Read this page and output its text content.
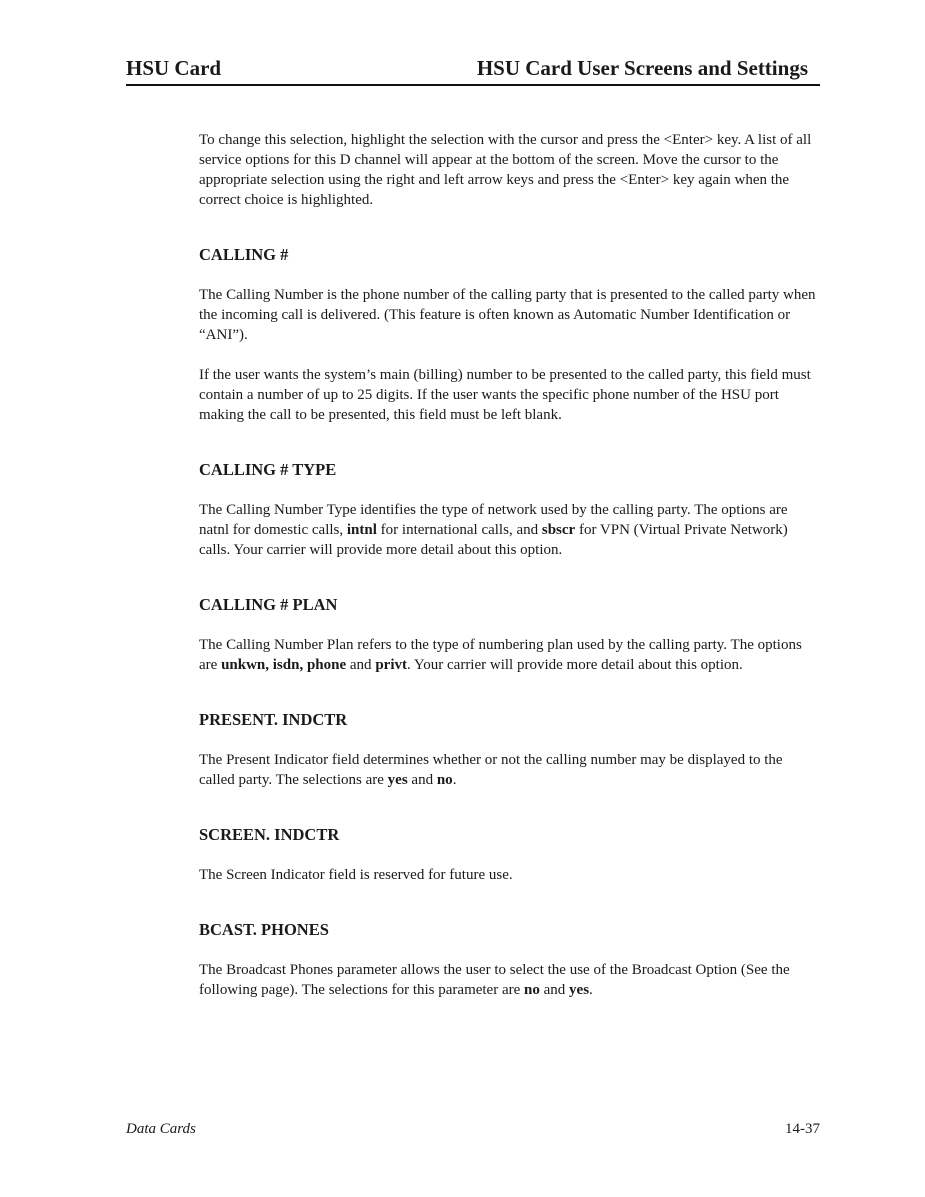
HSU Card	HSU Card User Screens and Settings

To change this selection, highlight the selection with the cursor and press the <Enter> key. A list of all service options for this D channel will appear at the bottom of the screen. Move the cursor to the appropriate selection using the right and left arrow keys and press the <Enter> key again when the correct choice is highlighted.

CALLING #

The Calling Number is the phone number of the calling party that is presented to the called party when the incoming call is delivered. (This feature is often known as Automatic Number Identification or “ANI”).

If the user wants the system’s main (billing) number to be presented to the called party, this field must contain a number of up to 25 digits. If the user wants the specific phone number of the HSU port making the call to be presented, this field must be left blank.

CALLING # TYPE

The Calling Number Type identifies the type of network used by the calling party. The options are natnl for domestic calls, intnl for international calls, and sbscr for VPN (Virtual Private Network) calls. Your carrier will provide more detail about this option.

CALLING # PLAN

The Calling Number Plan refers to the type of numbering plan used by the calling party. The options are unkwn, isdn, phone and privt. Your carrier will provide more detail about this option.

PRESENT. INDCTR

The Present Indicator field determines whether or not the calling number may be displayed to the called party. The selections are yes and no.

SCREEN. INDCTR

The Screen Indicator field is reserved for future use.

BCAST. PHONES

The Broadcast Phones parameter allows the user to select the use of the Broadcast Option (See the following page). The selections for this parameter are no and yes.

Data Cards	14-37
